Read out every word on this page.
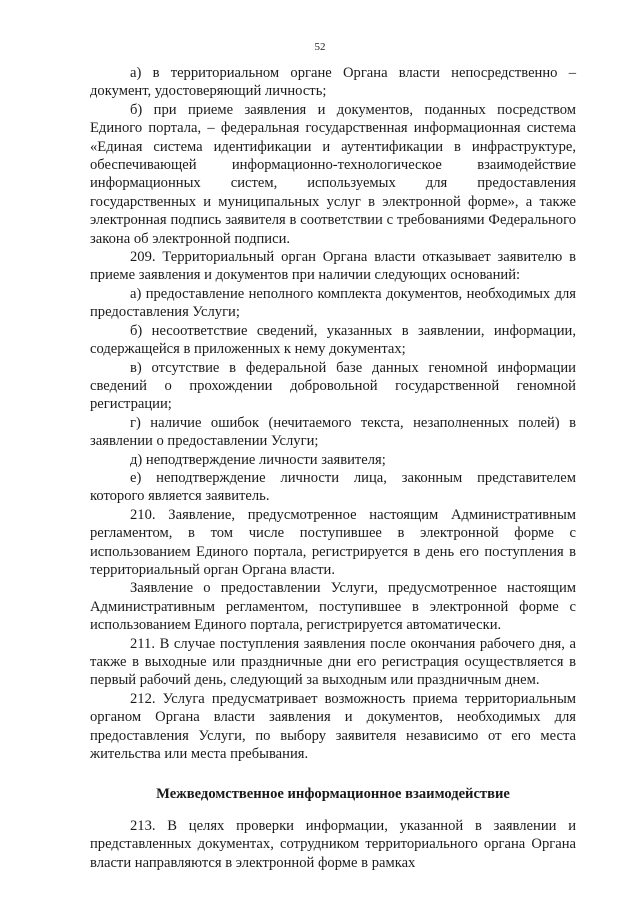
52

а) в территориальном органе Органа власти непосредственно – документ, удостоверяющий личность;

б) при приеме заявления и документов, поданных посредством Единого портала, – федеральная государственная информационная система «Единая система идентификации и аутентификации в инфраструктуре, обеспечивающей информационно-технологическое взаимодействие информационных систем, используемых для предоставления государственных и муниципальных услуг в электронной форме», а также электронная подпись заявителя в соответствии с требованиями Федерального закона об электронной подписи.

209. Территориальный орган Органа власти отказывает заявителю в приеме заявления и документов при наличии следующих оснований:

а) предоставление неполного комплекта документов, необходимых для предоставления Услуги;

б) несоответствие сведений, указанных в заявлении, информации, содержащейся в приложенных к нему документах;

в) отсутствие в федеральной базе данных геномной информации сведений о прохождении добровольной государственной геномной регистрации;

г) наличие ошибок (нечитаемого текста, незаполненных полей) в заявлении о предоставлении Услуги;

д) неподтверждение личности заявителя;

е) неподтверждение личности лица, законным представителем которого является заявитель.

210. Заявление, предусмотренное настоящим Административным регламентом, в том числе поступившее в электронной форме с использованием Единого портала, регистрируется в день его поступления в территориальный орган Органа власти.

Заявление о предоставлении Услуги, предусмотренное настоящим Административным регламентом, поступившее в электронной форме с использованием Единого портала, регистрируется автоматически.

211. В случае поступления заявления после окончания рабочего дня, а также в выходные или праздничные дни его регистрация осуществляется в первый рабочий день, следующий за выходным или праздничным днем.

212. Услуга предусматривает возможность приема территориальным органом Органа власти заявления и документов, необходимых для предоставления Услуги, по выбору заявителя независимо от его места жительства или места пребывания.

Межведомственное информационное взаимодействие

213. В целях проверки информации, указанной в заявлении и представленных документах, сотрудником территориального органа Органа власти направляются в электронной форме в рамках
